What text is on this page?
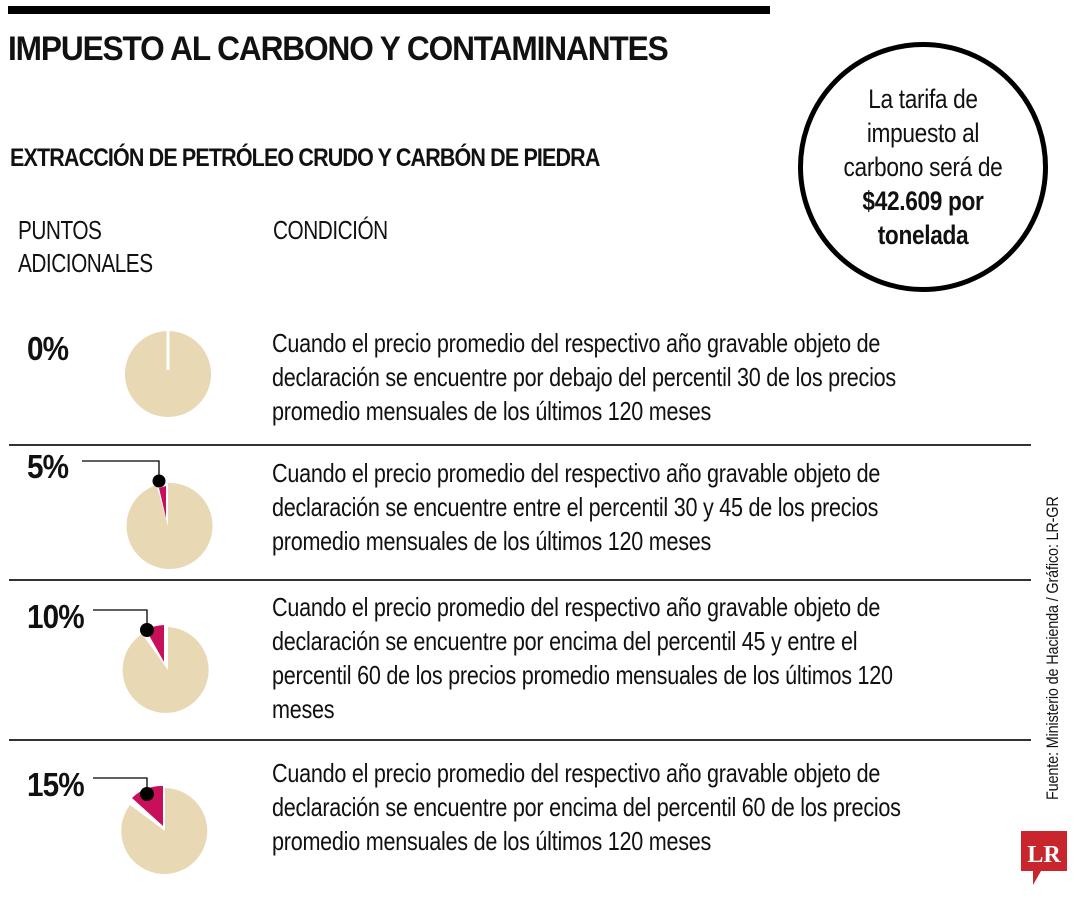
IMPUESTO AL CARBONO Y CONTAMINANTES
EXTRACCIÓN DE PETRÓLEO CRUDO Y CARBÓN DE PIEDRA
PUNTOS
ADICIONALES
CONDICIÓN
La tarifa de
impuesto al
carbono será de
$42.609 por
tonelada
0%	Cuando el precio promedio del respectivo año gravable objeto de
declaración se encuentre por debajo del percentil 30 de los precios
promedio mensuales de los últimos 120 meses
5%	Cuando el precio promedio del respectivo año gravable objeto de
declaración se encuentre entre el percentil 30 y 45 de los precios
promedio mensuales de los últimos 120 meses
10%	Cuando el precio promedio del respectivo año gravable objeto de
declaración se encuentre por encima del percentil 45 y entre el
percentil 60 de los precios promedio mensuales de los últimos 120
meses
15%	Cuando el precio promedio del respectivo año gravable objeto de
declaración se encuentre por encima del percentil 60 de los precios
promedio mensuales de los últimos 120 meses
Fuente: Ministerio de Hacienda / Gráfico: LR-GR
LR
